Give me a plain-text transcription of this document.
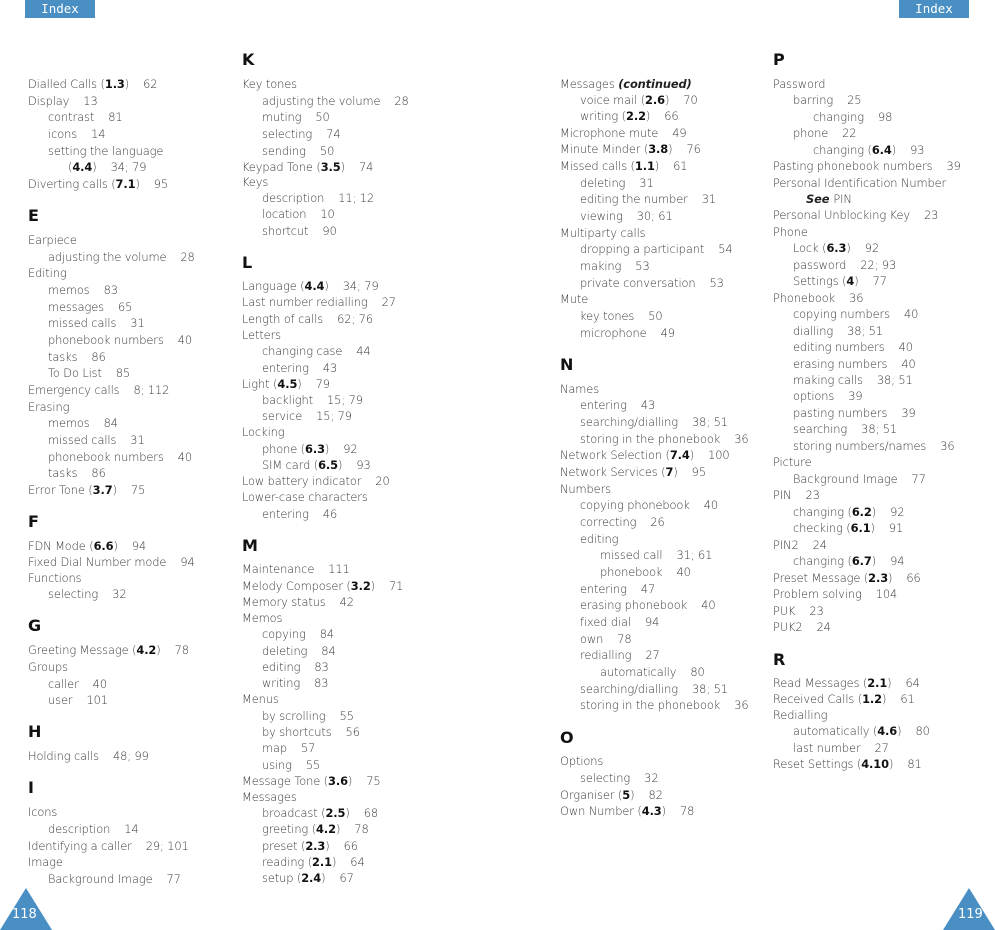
Index	Index
Dialled Calls (1.3) 62
Display 13
contrast 81
icons 14
setting the language
(4.4) 34; 79
Diverting calls (7.1) 95
E
Earpiece
adjusting the volume 28
Editing
memos 83
messages 65
missed calls 31
phonebook numbers 40
tasks 86
To Do List 85
Emergency calls 8; 112
Erasing
memos 84
missed calls 31
phonebook numbers 40
tasks 86
Error Tone (3.7) 75
F
FDN Mode (6.6) 94
Fixed Dial Number mode 94
Functions
selecting 32
G
Greeting Message (4.2) 78
Groups
caller 40
user 101
H
Holding calls 48; 99
I
Icons
description 14
Identifying a caller 29; 101
Image
Background Image 77
K
Key tones
adjusting the volume 28
muting 50
selecting 74
sending 50
Keypad Tone (3.5) 74
Keys
description 11; 12
location 10
shortcut 90
L
Language (4.4) 34; 79
Last number redialling 27
Length of calls 62; 76
Letters
changing case 44
entering 43
Light (4.5) 79
backlight 15; 79
service 15; 79
Locking
phone (6.3) 92
SIM card (6.5) 93
Low battery indicator 20
Lower-case characters
entering 46
M
Maintenance 111
Melody Composer (3.2) 71
Memory status 42
Memos
copying 84
deleting 84
editing 83
writing 83
Menus
by scrolling 55
by shortcuts 56
map 57
using 55
Message Tone (3.6) 75
Messages
broadcast (2.5) 68
greeting (4.2) 78
preset (2.3) 66
reading (2.1) 64
setup (2.4) 67
Messages (continued)
voice mail (2.6) 70
writing (2.2) 66
Microphone mute 49
Minute Minder (3.8) 76
Missed calls (1.1) 61
deleting 31
editing the number 31
viewing 30; 61
Multiparty calls
dropping a participant 54
making 53
private conversation 53
Mute
key tones 50
microphone 49
N
Names
entering 43
searching/dialling 38; 51
storing in the phonebook 36
Network Selection (7.4) 100
Network Services (7) 95
Numbers
copying phonebook 40
correcting 26
editing
missed call 31; 61
phonebook 40
entering 47
erasing phonebook 40
fixed dial 94
own 78
redialling 27
automatically 80
searching/dialling 38; 51
storing in the phonebook 36
O
Options
selecting 32
Organiser (5) 82
Own Number (4.3) 78
P
Password
barring 25
changing 98
phone 22
changing (6.4) 93
Pasting phonebook numbers 39
Personal Identification Number
See PIN
Personal Unblocking Key 23
Phone
Lock (6.3) 92
password 22; 93
Settings (4) 77
Phonebook 36
copying numbers 40
dialling 38; 51
editing numbers 40
erasing numbers 40
making calls 38; 51
options 39
pasting numbers 39
searching 38; 51
storing numbers/names 36
Picture
Background Image 77
PIN 23
changing (6.2) 92
checking (6.1) 91
PIN2 24
changing (6.7) 94
Preset Message (2.3) 66
Problem solving 104
PUK 23
PUK2 24
R
Read Messages (2.1) 64
Received Calls (1.2) 61
Redialling
automatically (4.6) 80
last number 27
Reset Settings (4.10) 81
118	119
